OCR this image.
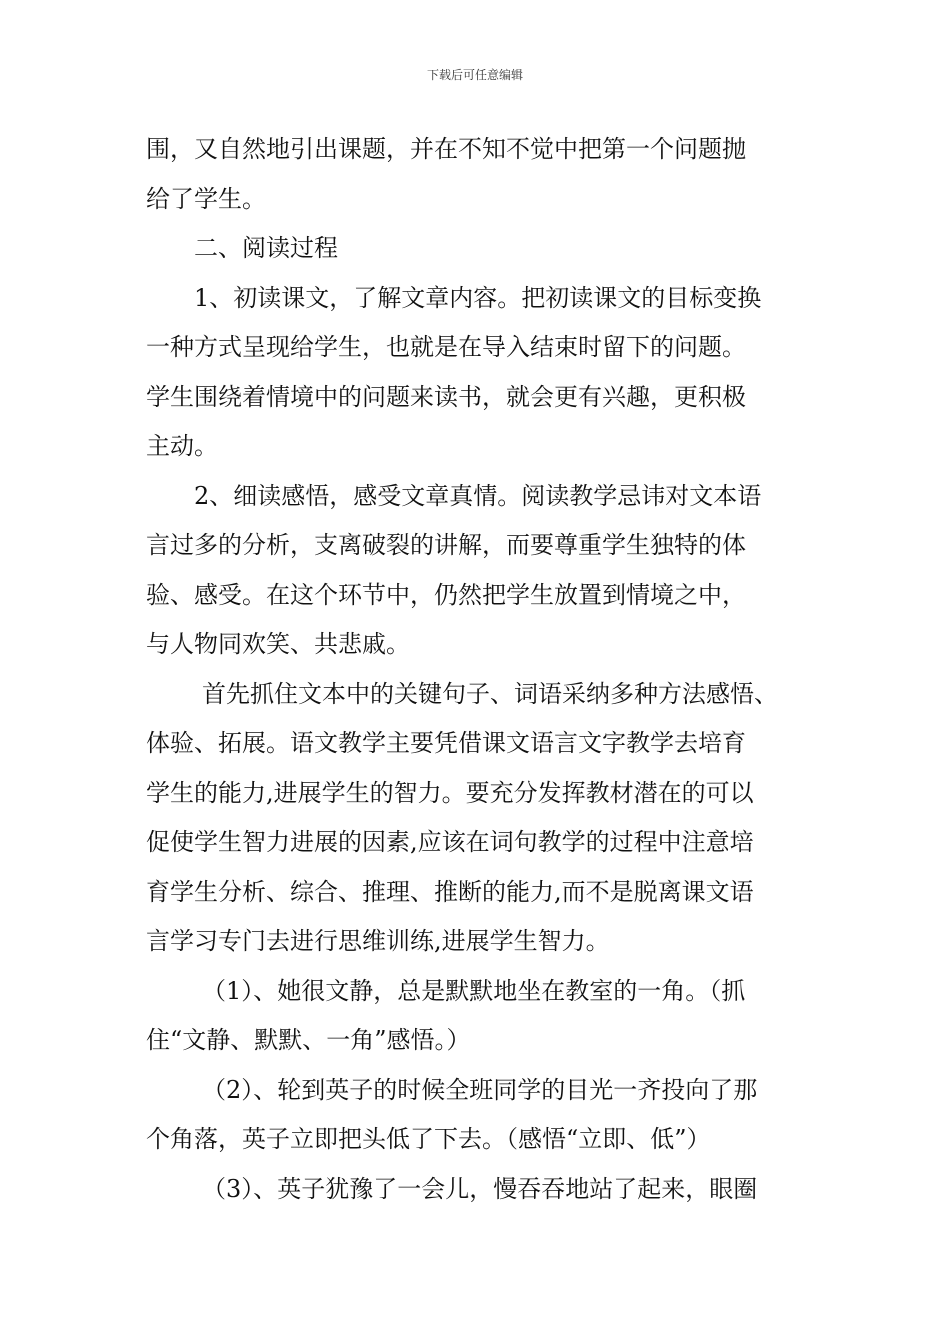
下载后可任意编辑
围，又自然地引出课题，并在不知不觉中把第一个问题抛
给了学生。
二、阅读过程
1、初读课文，了解文章内容。把初读课文的目标变换
一种方式呈现给学生，也就是在导入结束时留下的问题。
学生围绕着情境中的问题来读书，就会更有兴趣，更积极
主动。
2、细读感悟，感受文章真情。阅读教学忌讳对文本语
言过多的分析，支离破裂的讲解，而要尊重学生独特的体
验、感受。在这个环节中，仍然把学生放置到情境之中，
与人物同欢笑、共悲戚。
首先抓住文本中的关键句子、词语采纳多种方法感悟、
体验、拓展。语文教学主要凭借课文语言文字教学去培育
学生的能力,进展学生的智力。要充分发挥教材潜在的可以
促使学生智力进展的因素,应该在词句教学的过程中注意培
育学生分析、综合、推理、推断的能力,而不是脱离课文语
言学习专门去进行思维训练,进展学生智力。
（1）、她很文静，总是默默地坐在教室的一角。（抓
住“文静、默默、一角”感悟。）
（2）、轮到英子的时候全班同学的目光一齐投向了那
个角落，英子立即把头低了下去。（感悟“立即、低”）
（3）、英子犹豫了一会儿，慢吞吞地站了起来，眼圈
